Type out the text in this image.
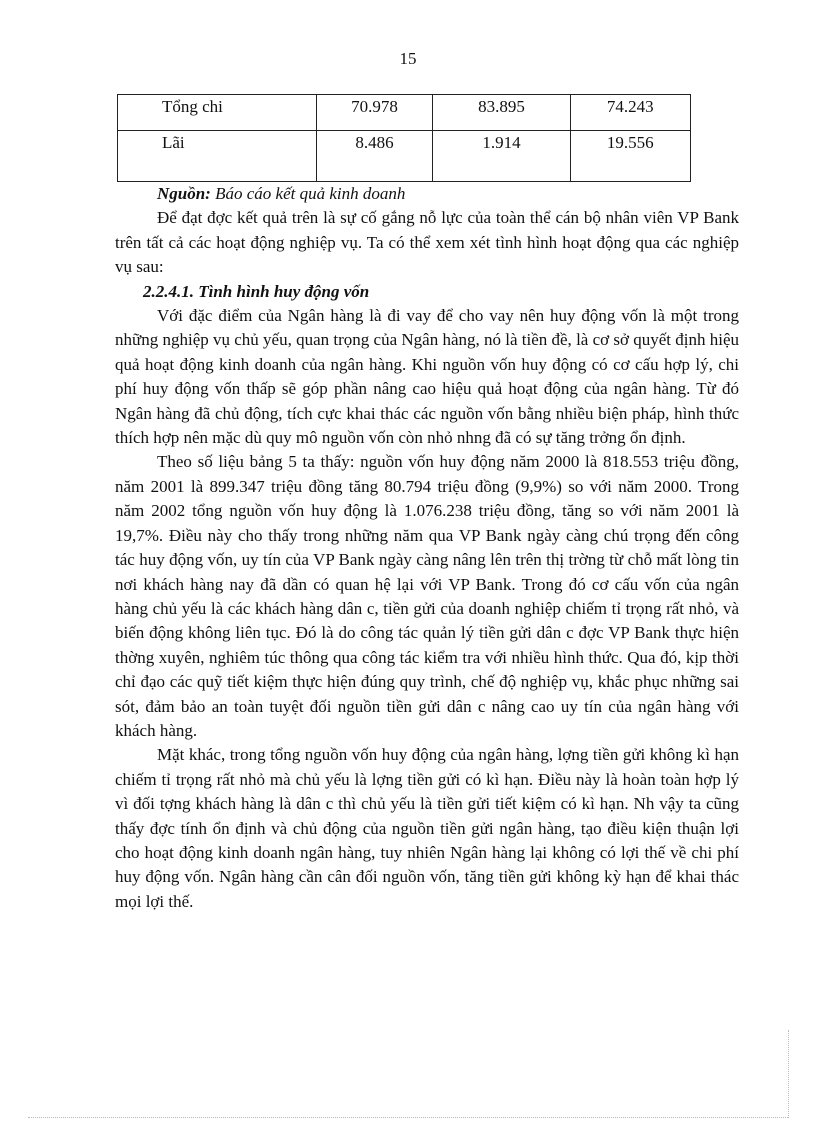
15
Tổng chi	70.978	83.895	74.243
Lãi	8.486	1.914	19.556

Nguồn: Báo cáo kết quả kinh doanh

Để đạt đợc kết quả trên là sự cố gắng nỗ lực của toàn thể cán bộ nhân viên VP Bank trên tất cả các hoạt động nghiệp vụ. Ta có thể xem xét tình hình hoạt động qua các nghiệp vụ sau:

2.2.4.1. Tình hình huy động vốn

Với đặc điểm của Ngân hàng là đi vay để cho vay nên huy động vốn là một trong những nghiệp vụ chủ yếu, quan trọng của Ngân hàng, nó là tiền đề, là cơ sở quyết định hiệu quả hoạt động kinh doanh của ngân hàng. Khi nguồn vốn huy động có cơ cấu hợp lý, chi phí huy động vốn thấp sẽ góp phần nâng cao hiệu quả hoạt động của ngân hàng. Từ đó Ngân hàng đã chủ động, tích cực khai thác các nguồn vốn bằng nhiều biện pháp, hình thức thích hợp nên mặc dù quy mô nguồn vốn còn nhỏ nhng đã có sự tăng trởng ổn định.

Theo số liệu bảng 5 ta thấy: nguồn vốn huy động năm 2000 là 818.553 triệu đồng, năm 2001 là 899.347 triệu đồng tăng 80.794 triệu đồng (9,9%) so với năm 2000. Trong năm 2002 tổng nguồn vốn huy động là 1.076.238 triệu đồng, tăng so với năm 2001 là 19,7%. Điều này cho thấy trong những năm qua VP Bank ngày càng chú trọng đến công tác huy động vốn, uy tín của VP Bank ngày càng nâng lên trên thị trờng từ chỗ mất lòng tin nơi khách hàng nay đã dần có quan hệ lại với VP Bank. Trong đó cơ cấu vốn của ngân hàng chủ yếu là các khách hàng dân c, tiền gửi của doanh nghiệp chiếm tỉ trọng rất nhỏ, và biến động không liên tục. Đó là do công tác quản lý tiền gửi dân c đợc VP Bank thực hiện thờng xuyên, nghiêm túc thông qua công tác kiểm tra với nhiều hình thức. Qua đó, kịp thời chỉ đạo các quỹ tiết kiệm thực hiện đúng quy trình, chế độ nghiệp vụ, khắc phục những sai sót, đảm bảo an toàn tuyệt đối nguồn tiền gửi dân c nâng cao uy tín của ngân hàng với khách hàng.

Mặt khác, trong tổng nguồn vốn huy động của ngân hàng, lợng tiền gửi không kì hạn chiếm tỉ trọng rất nhỏ mà chủ yếu là lợng tiền gửi có kì hạn. Điều này là hoàn toàn hợp lý vì đối tợng khách hàng là dân c thì chủ yếu là tiền gửi tiết kiệm có kì hạn. Nh vậy ta cũng thấy đợc tính ổn định và chủ động của nguồn tiền gửi ngân hàng, tạo điều kiện thuận lợi cho hoạt động kinh doanh ngân hàng, tuy nhiên Ngân hàng lại không có lợi thế về chi phí huy động vốn. Ngân hàng cần cân đối nguồn vốn, tăng tiền gửi không kỳ hạn để khai thác mọi lợi thế.
